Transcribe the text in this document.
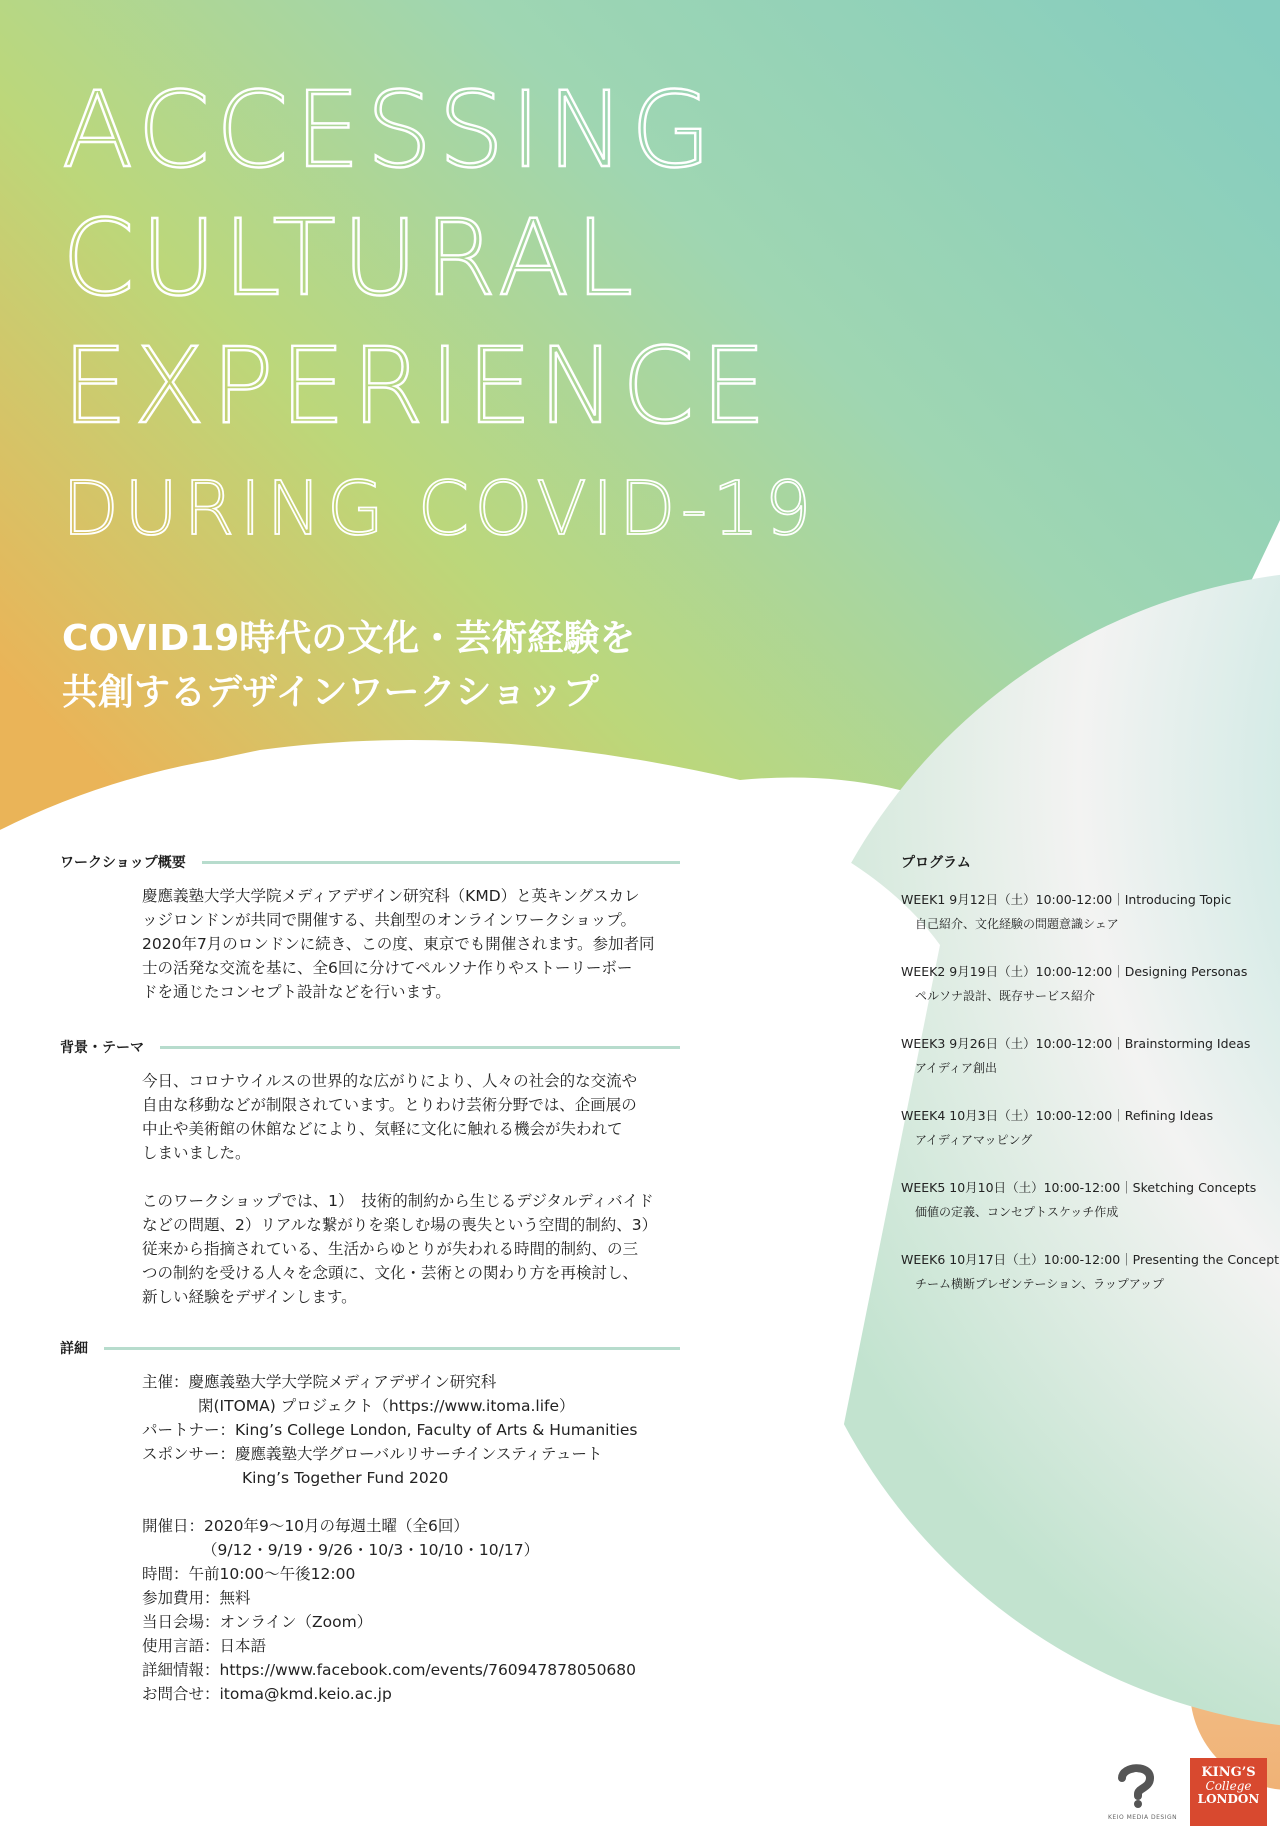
ACCESSING
CULTURAL
EXPERIENCE
DURING COVID-19
COVID19時代の文化・芸術経験を
共創するデザインワークショップ
ワークショップ概要

慶應義塾大学大学院メディアデザイン研究科（KMD）と英キングスカレ

ッジロンドンが共同で開催する、共創型のオンラインワークショップ。

2020年7月のロンドンに続き、この度、東京でも開催されます。参加者同

士の活発な交流を基に、全6回に分けてペルソナ作りやストーリーボー

ドを通じたコンセプト設計などを行います。

背景・テーマ

今日、コロナウイルスの世界的な広がりにより、人々の社会的な交流や

自由な移動などが制限されています。とりわけ芸術分野では、企画展の

中止や美術館の休館などにより、気軽に文化に触れる機会が失われて

しまいました。

このワークショップでは、1）　技術的制約から生じるデジタルディバイド

などの問題、2）リアルな繋がりを楽しむ場の喪失という空間的制約、3）

従来から指摘されている、生活からゆとりが失われる時間的制約、の三

つの制約を受ける人々を念頭に、文化・芸術との関わり方を再検討し、

新しい経験をデザインします。

詳細
主催： 慶應義塾大学大学院メディアデザイン研究科
閑(ITOMA) プロジェクト（https://www.itoma.life）
パートナー： King’s College London, Faculty of Arts & Humanities
スポンサー： 慶應義塾大学グローバルリサーチインスティテュート
King’s Together Fund 2020
開催日： 2020年9～10月の毎週土曜（全6回）
（9/12・9/19・9/26・10/3・10/10・10/17）
時間：午前10:00～午後12:00
参加費用：無料
当日会場：オンライン（Zoom）
使用言語：日本語
詳細情報：https://www.facebook.com/events/760947878050680
お問合せ：itoma@kmd.keio.ac.jp
プログラム
WEEK1 9月12日（土）10:00-12:00｜Introducing Topic
自己紹介、文化経験の問題意識シェア
WEEK2 9月19日（土）10:00-12:00｜Designing Personas
ペルソナ設計、既存サービス紹介
WEEK3 9月26日（土）10:00-12:00｜Brainstorming Ideas
アイディア創出
WEEK4 10月3日（土）10:00-12:00｜Refining Ideas
アイディアマッピング
WEEK5 10月10日（土）10:00-12:00｜Sketching Concepts
価値の定義、コンセプトスケッチ作成
WEEK6 10月17日（土）10:00-12:00｜Presenting the Concept
チーム横断プレゼンテーション、ラップアップ
KEIO MEDIA DESIGN
KING’S
College
LONDON
